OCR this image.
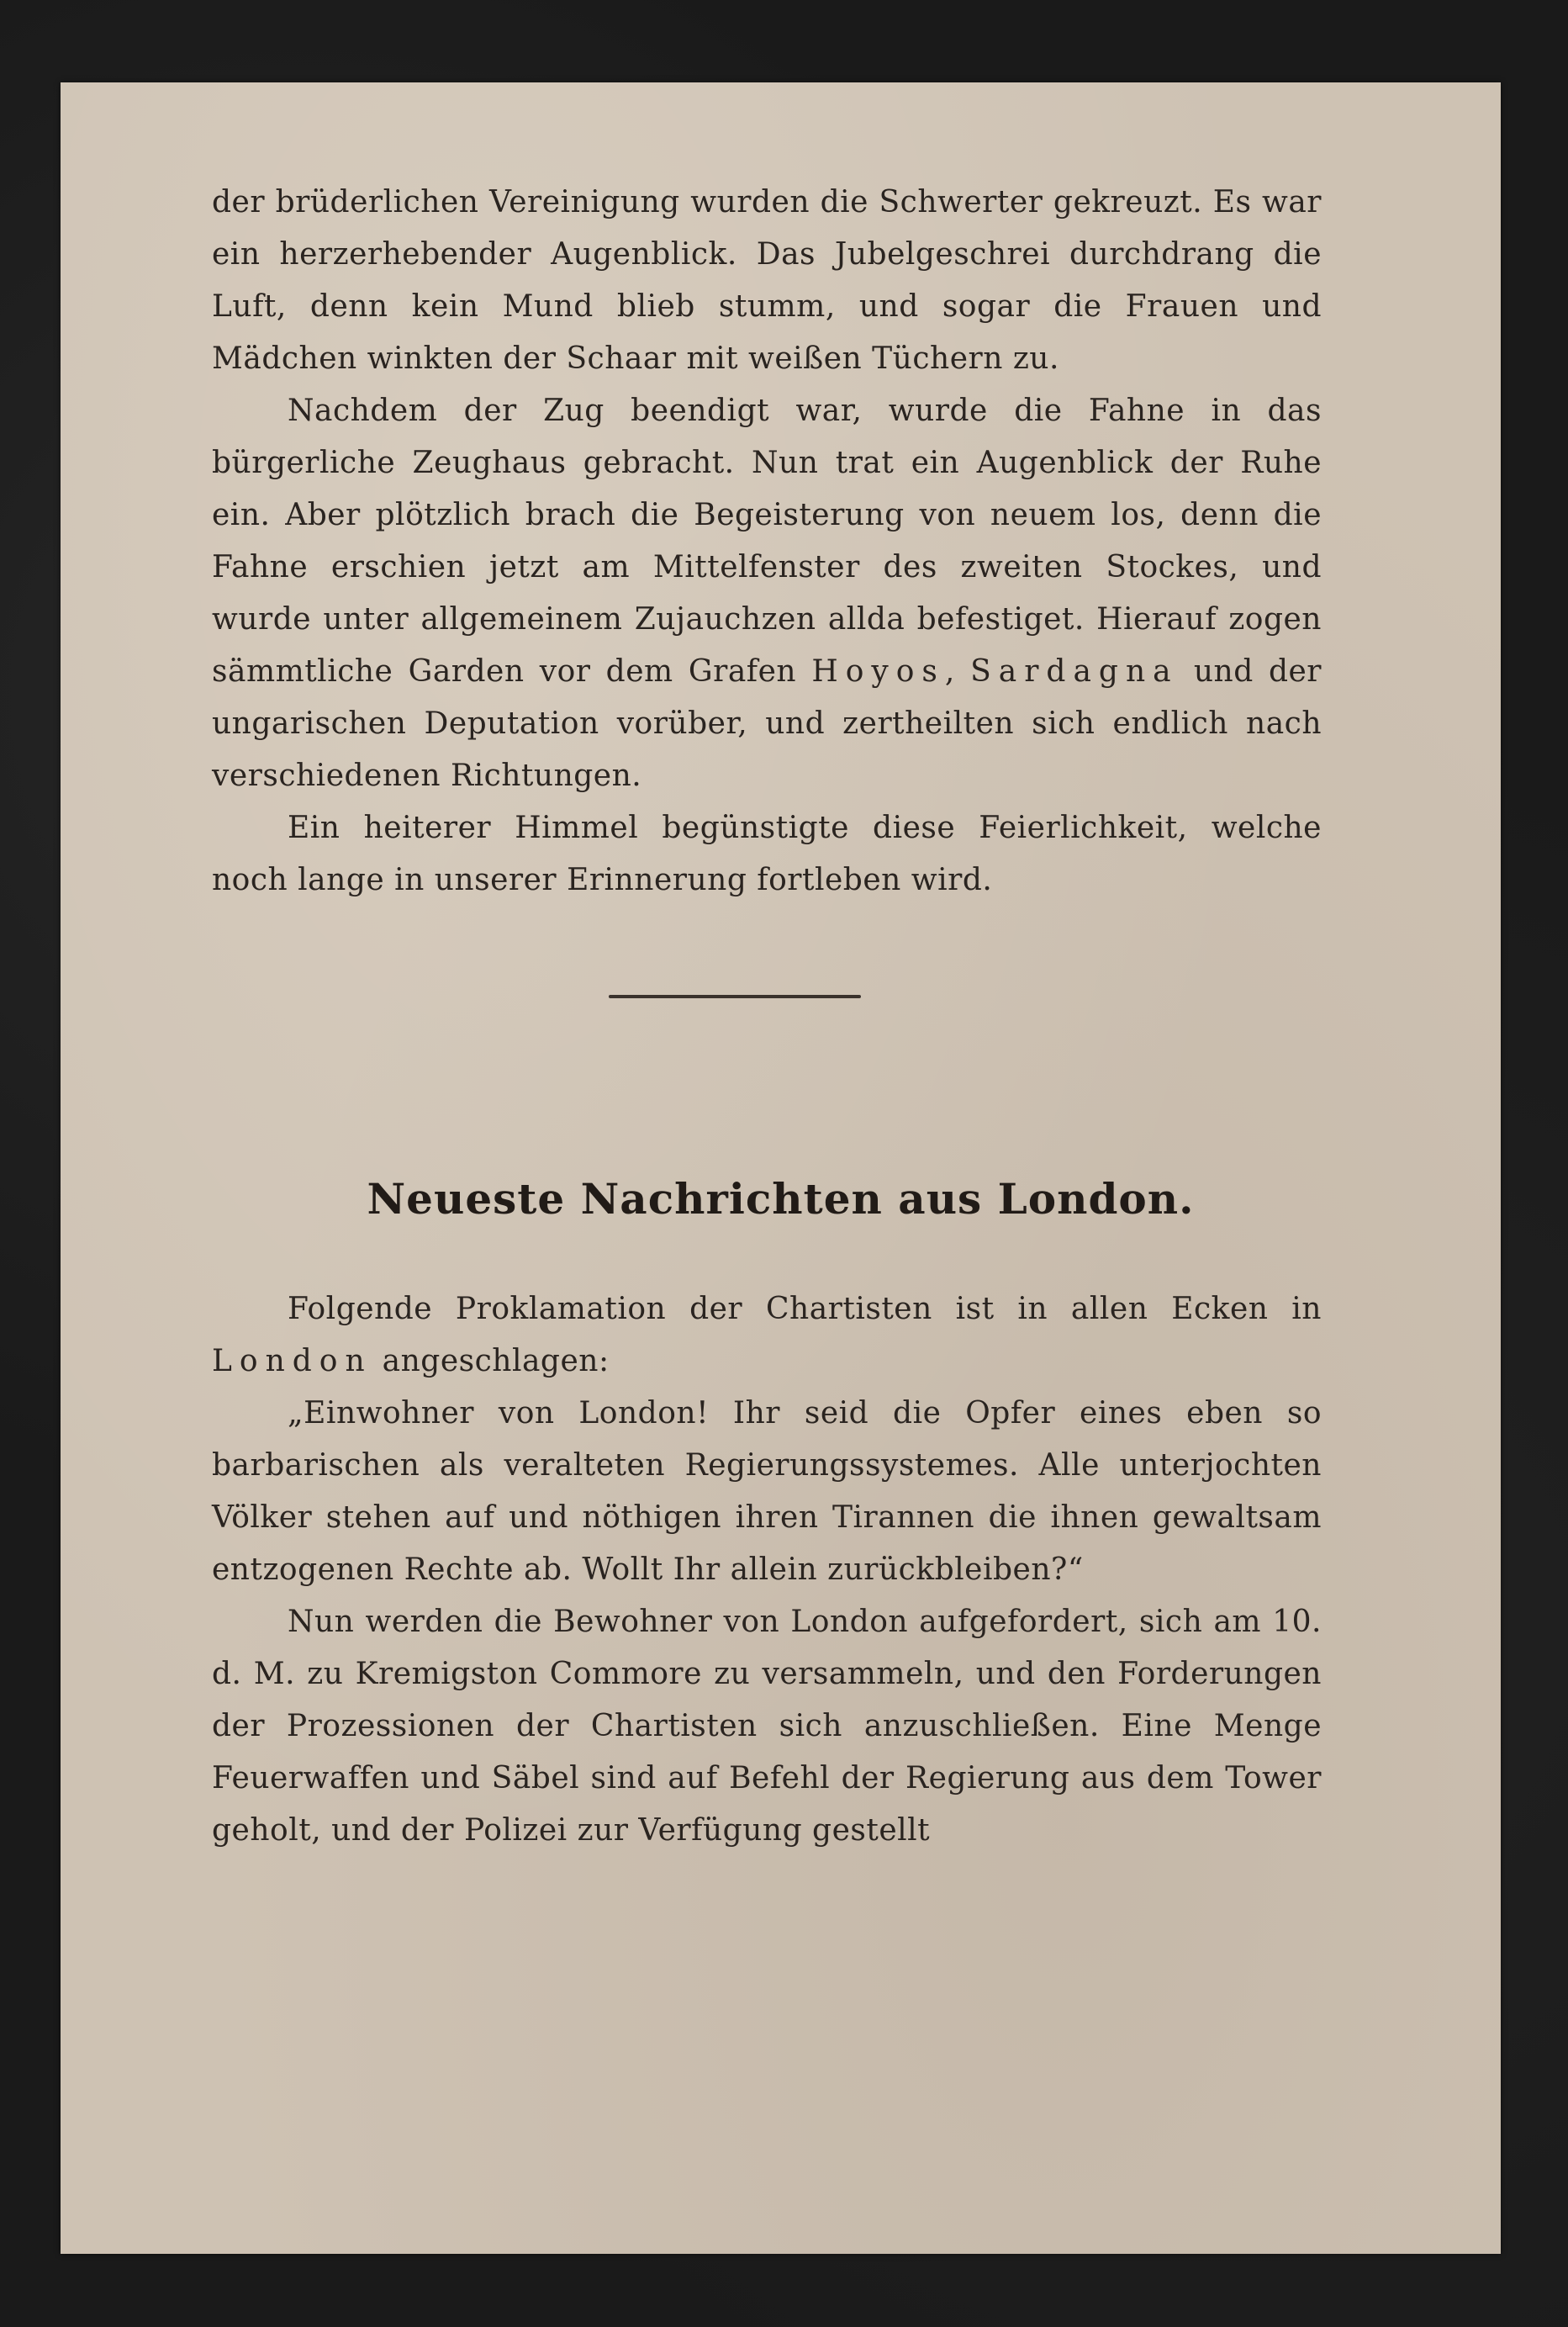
der brüderlichen Vereinigung wurden die Schwerter gekreuzt. Es war ein herzerhebender Augenblick. Das Jubelgeschrei durchdrang die Luft, denn kein Mund blieb stumm, und sogar die Frauen und Mädchen winkten der Schaar mit weißen Tüchern zu.

Nachdem der Zug beendigt war, wurde die Fahne in das bürgerliche Zeughaus gebracht. Nun trat ein Augenblick der Ruhe ein. Aber plötzlich brach die Begeisterung von neuem los, denn die Fahne erschien jetzt am Mittelfenster des zweiten Stockes, und wurde unter allgemeinem Zujauchzen allda befestiget. Hierauf zogen sämmtliche Garden vor dem Grafen Hoyos, Sardagna und der ungarischen Deputation vorüber, und zertheilten sich endlich nach verschiedenen Richtungen.

Ein heiterer Himmel begünstigte diese Feierlichkeit, welche noch lange in unserer Erinnerung fortleben wird.

Neueste Nachrichten aus London.

Folgende Proklamation der Chartisten ist in allen Ecken in London angeschlagen:

„Einwohner von London! Ihr seid die Opfer eines eben so barbarischen als veralteten Regierungssystemes. Alle unterjochten Völker stehen auf und nöthigen ihren Tirannen die ihnen gewaltsam entzogenen Rechte ab. Wollt Ihr allein zurückbleiben?“

Nun werden die Bewohner von London aufgefordert, sich am 10. d. M. zu Kremigston Commore zu versammeln, und den Forderungen der Prozessionen der Chartisten sich anzuschließen. Eine Menge Feuerwaffen und Säbel sind auf Befehl der Regierung aus dem Tower geholt, und der Polizei zur Verfügung gestellt
